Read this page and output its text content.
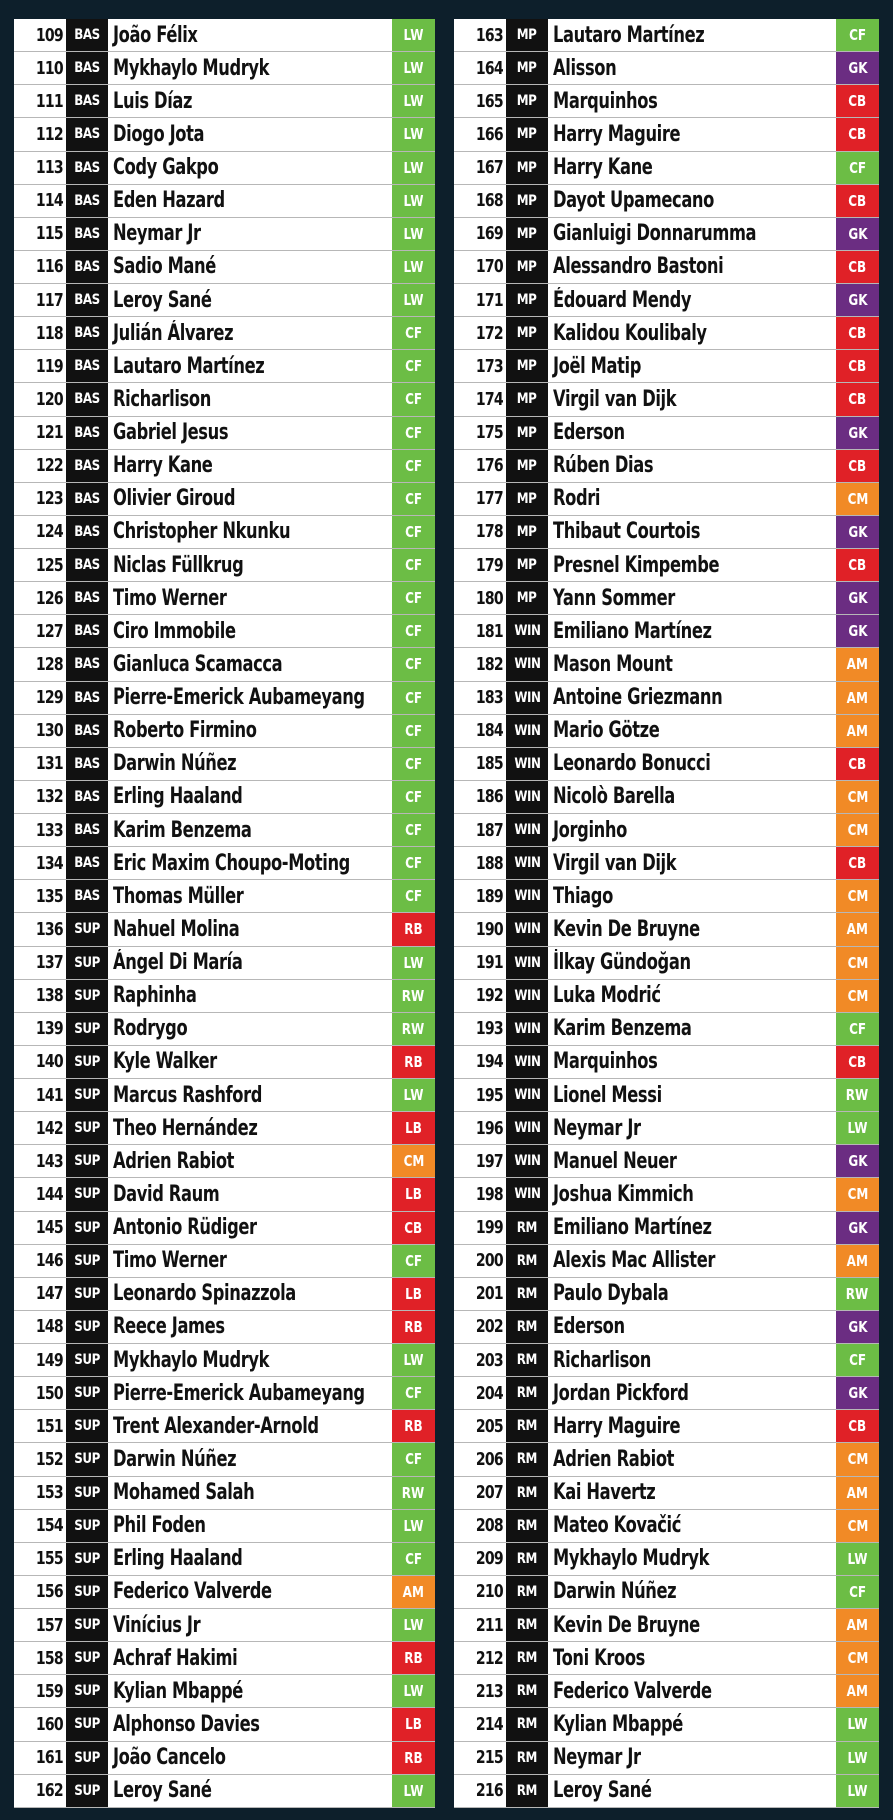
109 BAS João Félix	LW
110 BAS Mykhaylo Mudryk	LW
111 BAS Luis Díaz	LW
112 BAS Diogo Jota	LW
113 BAS Cody Gakpo	LW
114 BAS Eden Hazard	LW
115 BAS Neymar Jr	LW
116 BAS Sadio Mané	LW
117 BAS Leroy Sané	LW
118 BAS Julián Álvarez	CF
119 BAS Lautaro Martínez	CF
120 BAS Richarlison	CF
121 BAS Gabriel Jesus	CF
122 BAS Harry Kane	CF
123 BAS Olivier Giroud	CF
124 BAS Christopher Nkunku	CF
125 BAS Niclas Füllkrug	CF
126 BAS Timo Werner	CF
127 BAS Ciro Immobile	CF
128 BAS Gianluca Scamacca	CF
129 BAS Pierre-Emerick Aubameyang	CF
130 BAS Roberto Firmino	CF
131 BAS Darwin Núñez	CF
132 BAS Erling Haaland	CF
133 BAS Karim Benzema	CF
134 BAS Eric Maxim Choupo-Moting	CF
135 BAS Thomas Müller	CF
136 SUP Nahuel Molina	RB
137 SUP Ángel Di María	LW
138 SUP Raphinha	RW
139 SUP Rodrygo	RW
140 SUP Kyle Walker	RB
141 SUP Marcus Rashford	LW
142 SUP Theo Hernández	LB
143 SUP Adrien Rabiot	CM
144 SUP David Raum	LB
145 SUP Antonio Rüdiger	CB
146 SUP Timo Werner	CF
147 SUP Leonardo Spinazzola	LB
148 SUP Reece James	RB
149 SUP Mykhaylo Mudryk	LW
150 SUP Pierre-Emerick Aubameyang	CF
151 SUP Trent Alexander-Arnold	RB
152 SUP Darwin Núñez	CF
153 SUP Mohamed Salah	RW
154 SUP Phil Foden	LW
155 SUP Erling Haaland	CF
156 SUP Federico Valverde	AM
157 SUP Vinícius Jr	LW
158 SUP Achraf Hakimi	RB
159 SUP Kylian Mbappé	LW
160 SUP Alphonso Davies	LB
161 SUP João Cancelo	RB
162 SUP Leroy Sané	LW
163 MP Lautaro Martínez	CF
164 MP Alisson	GK
165 MP Marquinhos	CB
166 MP Harry Maguire	CB
167 MP Harry Kane	CF
168 MP Dayot Upamecano	CB
169 MP Gianluigi Donnarumma	GK
170 MP Alessandro Bastoni	CB
171 MP Édouard Mendy	GK
172 MP Kalidou Koulibaly	CB
173 MP Joël Matip	CB
174 MP Virgil van Dijk	CB
175 MP Ederson	GK
176 MP Rúben Dias	CB
177 MP Rodri	CM
178 MP Thibaut Courtois	GK
179 MP Presnel Kimpembe	CB
180 MP Yann Sommer	GK
181 WIN Emiliano Martínez	GK
182 WIN Mason Mount	AM
183 WIN Antoine Griezmann	AM
184 WIN Mario Götze	AM
185 WIN Leonardo Bonucci	CB
186 WIN Nicolò Barella	CM
187 WIN Jorginho	CM
188 WIN Virgil van Dijk	CB
189 WIN Thiago	CM
190 WIN Kevin De Bruyne	AM
191 WIN İlkay Gündoğan	CM
192 WIN Luka Modrić	CM
193 WIN Karim Benzema	CF
194 WIN Marquinhos	CB
195 WIN Lionel Messi	RW
196 WIN Neymar Jr	LW
197 WIN Manuel Neuer	GK
198 WIN Joshua Kimmich	CM
199 RM Emiliano Martínez	GK
200 RM Alexis Mac Allister	AM
201 RM Paulo Dybala	RW
202 RM Ederson	GK
203 RM Richarlison	CF
204 RM Jordan Pickford	GK
205 RM Harry Maguire	CB
206 RM Adrien Rabiot	CM
207 RM Kai Havertz	AM
208 RM Mateo Kovačić	CM
209 RM Mykhaylo Mudryk	LW
210 RM Darwin Núñez	CF
211 RM Kevin De Bruyne	AM
212 RM Toni Kroos	CM
213 RM Federico Valverde	AM
214 RM Kylian Mbappé	LW
215 RM Neymar Jr	LW
216 RM Leroy Sané	LW
